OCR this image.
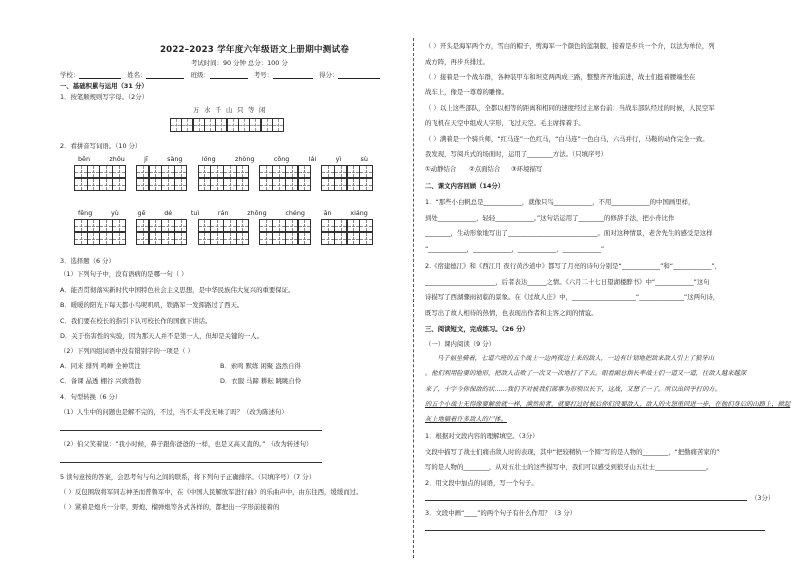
2022–2023 学年度六年级语文上册期中测试卷
考试时间：90 分钟 总分：100 分
学校：	姓名：	班级：	考号：	得分：
一、基础积累与运用（31 分）
1．按笔顺规则写字母。（2分）
万 水 千 山 只 等 闲
2．看拼音写词语。（10 分）
bēn	zhōu	jī	sàng	lóng	zhòng	cōng	lái	yì	sù
fēng	yù	gē	dé	tuì	rán	zhōng	chéng	ān	xiáng
3．选择题（6 分）
（1）下列句子中，没有语病的是哪一句（ ）
A．能否贯彻落实新时代中国特色社会主义思想，是中华民族伟大复兴的重要保证。
B．暖暖的阳光下每天都小鸟呢叽叽，铁路军一发挥路过了西天。
C．我们要在校长的指引下认可校长作的国旗下讲话。
D．关于伤害性的实验，因为那天人并不是第一人，但却是关键的一人。
（2）下列四组词语中没有错别字的一项是（ ）
A．同来 排列 鸣蝉 全神贯注	B．索鸣 默练 闲聚 盎然自得
C．备课 晶透 棚谷 兴致勃勃	D．衣服 马蹄 耕耘 眺眺自怜
4．句型转换（6 分）
（1）人生中的问题也是解不完的，不过，当不太平没无味了吗？（改为陈述句）
（2）伯父笑着说：“我小时候，鼻子跟你爸爸的一样，也是又高又直的。” （改为转述句）
5 读句意按的答案，会思考句与句之间的联系，将下列句子正确排序。（只填序号）（7 分）
（ ）反包围敌将军同志神圣而普鲁军中，在《中国人民解放军进行曲》的乐曲声中，由东往西，缓缓而过。
（ ）紧着是炮兵一分率，野炮、榴弹炮等各式各样的，都把出一字形前接着的
（ ）开头是海军两个方，雪白的帽子，剪海军一个颜色的蓝制服，接着是步兵一个介，以法为单位，列
成方阵，再步兵排过。
（ ）接着是一个战车群，各种装甲车和坦克两两成三路，整整齐齐地前进，战士们挺着腰端坐在
战车上，像是一尊尊的雕像。
（ ）以上这些部队，全都以相等的距离和相同的速度经过主席台前：当战车部队经过的时候，人民空军
的飞机在天空中组成人字形，飞过天空。毛主席挥着手。
（ ）满着是一个骑兵师，“红马连”一色红马，“白马连”一色白马，六马并行，马鞍的动作完全一致。
我发现，写阅兵式的场面时，运用了________方法。（只填序号）
①动静结合 ②点面结合 ③环境描写
二、课文内容回顾（14分）
1．“那些小白帆总是____________，就像只鸟____________，不用____________的中国画里样，
到处____________，轻轻____________。”这句话运用了________的修辞手法，把小舟比作
________，生动形象地写出了____________________________。面对这种情景，老舍先生的感受是这样
“____________，____________，____________，____________”
2.《宿建德江》和《西江月 夜行黄沙道中》都写了月亮的诗句分别是“____________”和“____________”，
______________________，后者表达______之情。《六月二十七日望湖楼醉书》中“____________”这句
诗描写了西湖骤雨初临的景象。在《过故人庄》中，____________________“______________”这两句诗，
既写出了故人相待的热情，也表现出作者和主客之间的情谊。
三、阅读短文，完成练习。（26 分）
（一）课内阅读（9 分）
马子福坐骑着，七道六班的五个战士一边两夜边上来的敌人，一边有计划地把敌来敌人引上了狼牙山
。他们利用险要的地形，把敌人击败了一次又一次地打了下去。眼看副总指长率战士们一道又一道，往敌人越来越深
来了，十字今你保敌的状……我们不对被我们部事为形别以长下，这战，又想了一了。所以出回乎打的方。
的五个小战士无得像要解放就一样，满然前者，就要打过时被后你们没要敌人，敌人的火怒重回进一步，在他们身后的山路上，掀起
灰上地躺着许多敌人的尸体。
1．根据对文段内容的理解填空。（3分）
文段中描写了战士们痛击敌人时的表现，其中“把较精轨一个圆”写的是人物的________，“把勤痛苦家的”
写的是人物的________，从对五壮士的这些描写中，我们可以感受到狼牙山五壮士________________。
2．用文段中加点的词语，写一个句子。
（3分）
3．文段中画“____”的两个句子有什么作用？（3 分）
